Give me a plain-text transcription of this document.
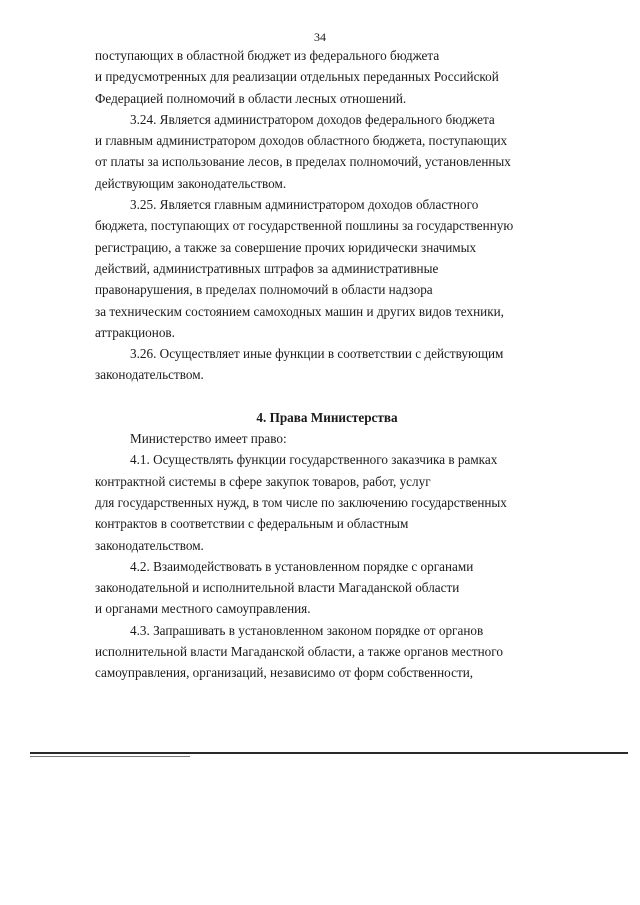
34

поступающих в областной бюджет из федерального бюджета

и предусмотренных для реализации отдельных переданных Российской

Федерацией полномочий в области лесных отношений.

3.24. Является администратором доходов федерального бюджета

и главным администратором доходов областного бюджета, поступающих

от платы за использование лесов, в пределах полномочий, установленных

действующим законодательством.

3.25. Является главным администратором доходов областного

бюджета, поступающих от государственной пошлины за государственную

регистрацию, а также за совершение прочих юридически значимых

действий, административных штрафов за административные

правонарушения, в пределах полномочий в области надзора

за техническим состоянием самоходных машин и других видов техники,

аттракционов.

3.26. Осуществляет иные функции в соответствии с действующим

законодательством.

4. Права Министерства

Министерство имеет право:

4.1. Осуществлять функции государственного заказчика в рамках

контрактной системы в сфере закупок товаров, работ, услуг

для государственных нужд, в том числе по заключению государственных

контрактов в соответствии с федеральным и областным

законодательством.

4.2. Взаимодействовать в установленном порядке с органами

законодательной и исполнительной власти Магаданской области

и органами местного самоуправления.

4.3. Запрашивать в установленном законом порядке от органов

исполнительной власти Магаданской области, а также органов местного

самоуправления, организаций, независимо от форм собственности,
